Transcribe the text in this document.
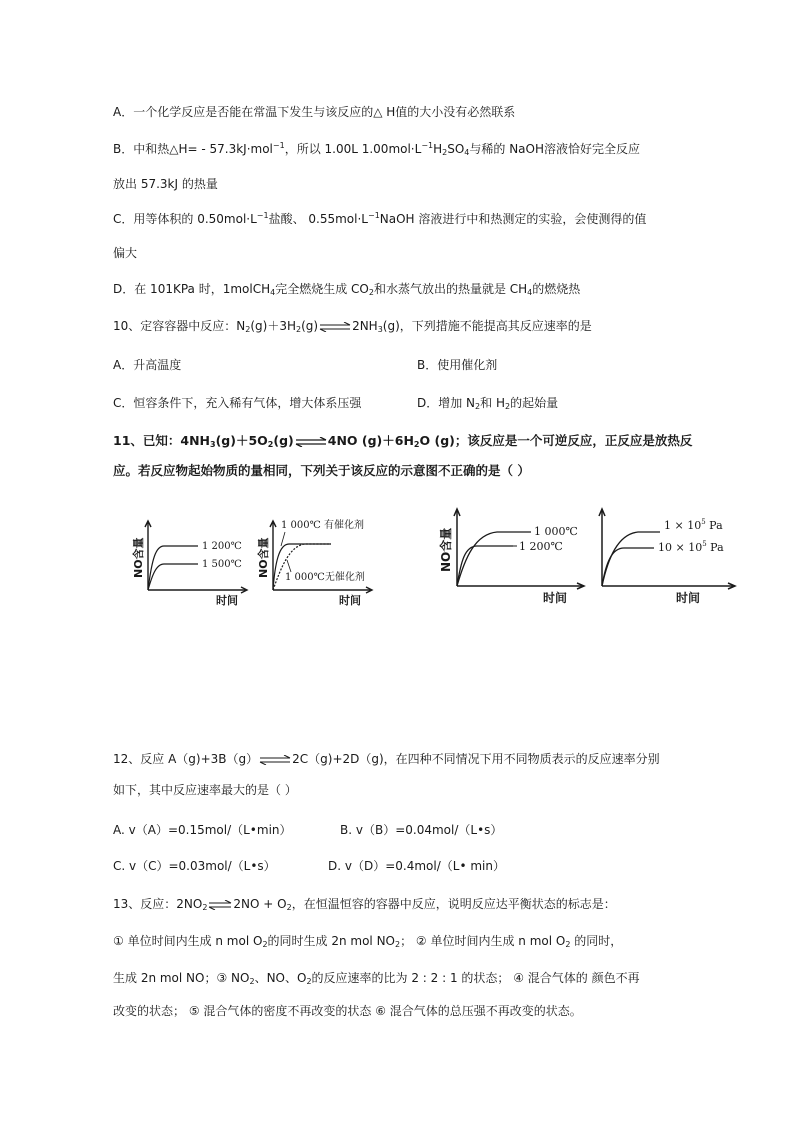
A．一个化学反应是否能在常温下发生与该反应的△ H值的大小没有必然联系
B．中和热△H= - 57.3kJ·mol$^{-1}$，所以 1.00L $1.00mol\cdot L^{-1}H_2SO_4$与稀的 NaOH溶液恰好完全反应
放出 57.3kJ 的热量
C．用等体积的 $0.50mol\cdot L^{-1}$盐酸、 $0.55mol\cdot L^{-1}NaOH$ 溶液进行中和热测定的实验，会使测得的值
偏大
D．在 101KPa 时，1molCH$_4$完全燃烧生成 $CO_2$和水蒸气放出的热量就是 $CH_4$的燃烧热
10、定容容器中反应：$N_2(g)+3H_2(g)\rightleftharpoons 2NH_3(g)$，下列措施不能提高其反应速率的是
A．升高温度	B．使用催化剂
C．恒容条件下，充入稀有气体，增大体系压强	D．增加 $N_2$和 $H_2$的起始量
11、已知：$4NH_3(g)+5O_2(g)\rightleftharpoons 4NO$ $(g)+6H_2O$ (g)；该反应是一个可逆反应，正反应是放热反
应。若反应物起始物质的量相同，下列关于该反应的示意图不正确的是（ ）
1 200℃
1 500℃
NO含量
时间
1 000℃ 有催化剂
1 000℃无催化剂
NO含量
时间
1 000℃
1 200℃
NO含量
时间
$1 \times 10^5$ Pa
$10 \times 10^5$ Pa
时间
12、反应 A（g)+3B（g）⇌2C（g)+2D（g)，在四种不同情况下用不同物质表示的反应速率分别
如下，其中反应速率最大的是（ ）
A. v（A）=0.15mol/（L•min）	B. v（B）=0.04mol/（L•s）
C. v（C）=0.03mol/（L•s）	D. v（D）=0.4mol/（L• min）
13、反应：$2NO_2\rightleftharpoons 2NO + O_2$，在恒温恒容的容器中反应，说明反应达平衡状态的标志是：
① 单位时间内生成 n mol $O_2$的同时生成 2n mol $NO_2$； ② 单位时间内生成 n mol $O_2$ 的同时，
生成 2n mol NO；③ $NO_2$、NO、$O_2$的反应速率的比为 2 : 2 : 1 的状态； ④ 混合气体的 颜色不再
改变的状态； ⑤ 混合气体的密度不再改变的状态 ⑥ 混合气体的总压强不再改变的状态。
